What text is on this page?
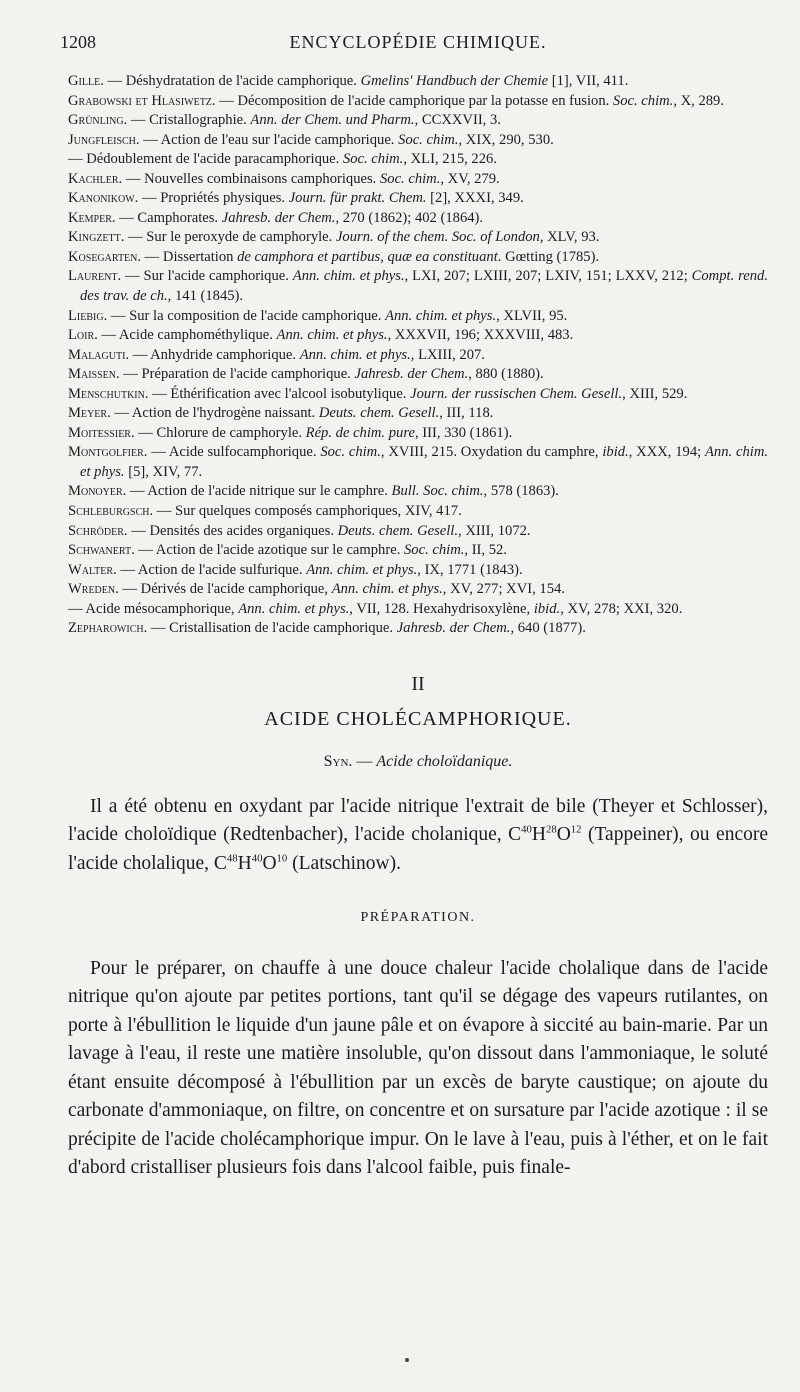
1208	ENCYCLOPÉDIE CHIMIQUE.
Gille. — Déshydratation de l'acide camphorique. Gmelins' Handbuch der Chemie [1], VII, 411.
Grabowski et Hlasiwetz. — Décomposition de l'acide camphorique par la potasse en fusion. Soc. chim., X, 289.
Grünling. — Cristallographie. Ann. der Chem. und Pharm., CCXXVII, 3.
Jungfleisch. — Action de l'eau sur l'acide camphorique. Soc. chim., XIX, 290, 530.
— Dédoublement de l'acide paracamphorique. Soc. chim., XLI, 215, 226.
Kachler. — Nouvelles combinaisons camphoriques. Soc. chim., XV, 279.
Kanonikow. — Propriétés physiques. Journ. für prakt. Chem. [2], XXXI, 349.
Kemper. — Camphorates. Jahresb. der Chem., 270 (1862); 402 (1864).
Kingzett. — Sur le peroxyde de camphoryle. Journ. of the chem. Soc. of London, XLV, 93.
Kosegarten. — Dissertation de camphora et partibus, quæ ea constituant. Gœtting (1785).
Laurent. — Sur l'acide camphorique. Ann. chim. et phys., LXI, 207; LXIII, 207; LXIV, 151; LXXV, 212; Compt. rend. des trav. de ch., 141 (1845).
Liebig. — Sur la composition de l'acide camphorique. Ann. chim. et phys., XLVII, 95.
Loir. — Acide camphométhylique. Ann. chim. et phys., XXXVII, 196; XXXVIII, 483.
Malaguti. — Anhydride camphorique. Ann. chim. et phys., LXIII, 207.
Maissen. — Préparation de l'acide camphorique. Jahresb. der Chem., 880 (1880).
Menschutkin. — Éthérification avec l'alcool isobutylique. Journ. der russischen Chem. Gesell., XIII, 529.
Meyer. — Action de l'hydrogène naissant. Deuts. chem. Gesell., III, 118.
Moitessier. — Chlorure de camphoryle. Rép. de chim. pure, III, 330 (1861).
Montgolfier. — Acide sulfocamphorique. Soc. chim., XVIII, 215. Oxydation du camphre, ibid., XXX, 194; Ann. chim. et phys. [5], XIV, 77.
Monoyer. — Action de l'acide nitrique sur le camphre. Bull. Soc. chim., 578 (1863).
Schleburgsch. — Sur quelques composés camphoriques, XIV, 417.
Schröder. — Densités des acides organiques. Deuts. chem. Gesell., XIII, 1072.
Schwanert. — Action de l'acide azotique sur le camphre. Soc. chim., II, 52.
Walter. — Action de l'acide sulfurique. Ann. chim. et phys., IX, 1771 (1843).
Wreden. — Dérivés de l'acide camphorique, Ann. chim. et phys., XV, 277; XVI, 154.
— Acide mésocamphorique, Ann. chim. et phys., VII, 128. Hexahydrisoxylène, ibid., XV, 278; XXI, 320.
Zepharowich. — Cristallisation de l'acide camphorique. Jahresb. der Chem., 640 (1877).
II
ACIDE CHOLÉCAMPHORIQUE.
Syn. — Acide choloïdanique.

Il a été obtenu en oxydant par l'acide nitrique l'extrait de bile (Theyer et Schlosser), l'acide choloïdique (Redtenbacher), l'acide cholanique, $C^{40}H^{28}O^{12}$ (Tappeiner), ou encore l'acide cholalique, $C^{48}H^{40}O^{10}$ (Latschinow).

PRÉPARATION.

Pour le préparer, on chauffe à une douce chaleur l'acide cholalique dans de l'acide nitrique qu'on ajoute par petites portions, tant qu'il se dégage des vapeurs rutilantes, on porte à l'ébullition le liquide d'un jaune pâle et on évapore à siccité au bain-marie. Par un lavage à l'eau, il reste une matière insoluble, qu'on dissout dans l'ammoniaque, le soluté étant ensuite décomposé à l'ébullition par un excès de baryte caustique; on ajoute du carbonate d'ammoniaque, on filtre, on concentre et on sursature par l'acide azotique : il se précipite de l'acide cholécamphorique impur. On le lave à l'eau, puis à l'éther, et on le fait d'abord cristalliser plusieurs fois dans l'alcool faible, puis finale-
